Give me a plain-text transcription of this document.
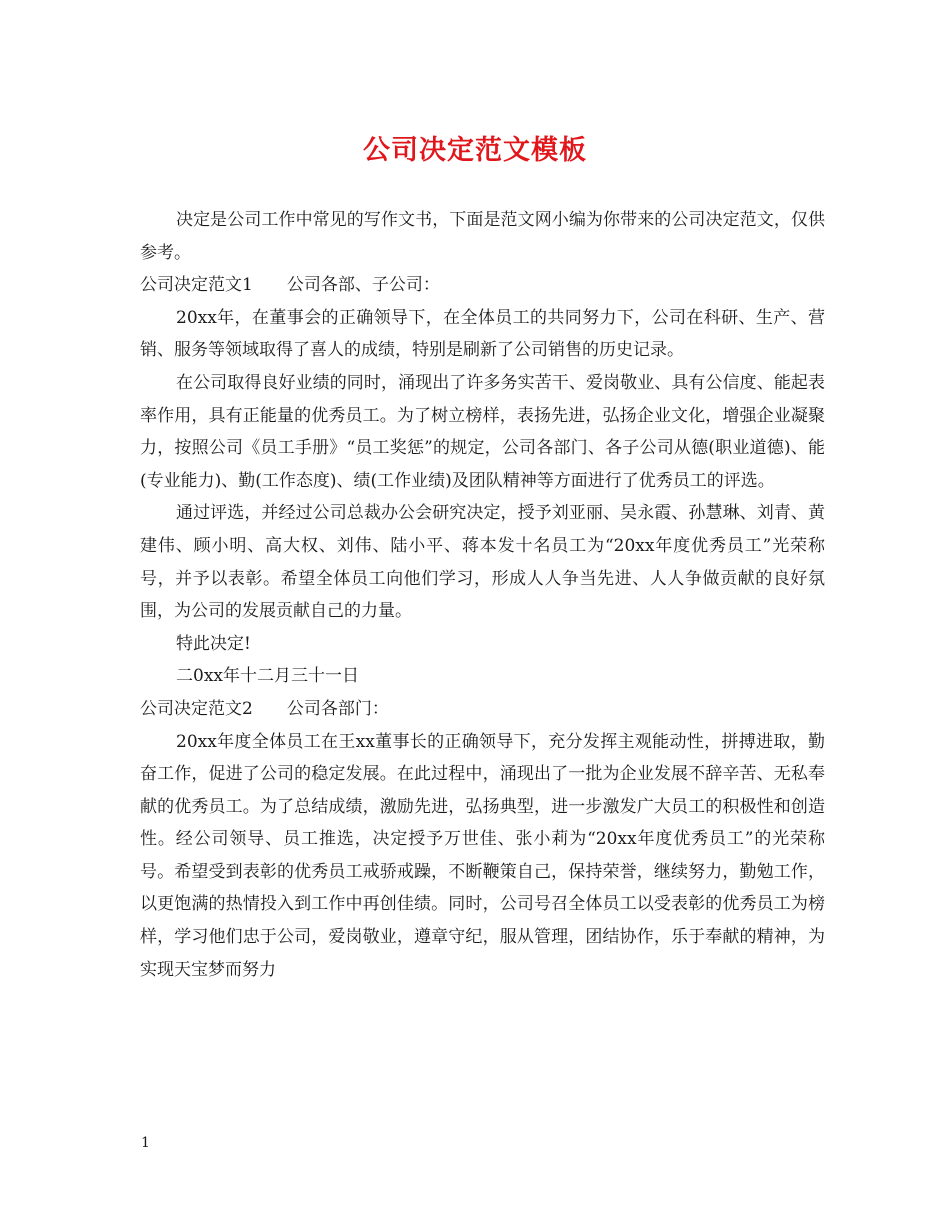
公司决定范文模板

决定是公司工作中常见的写作文书，下面是范文网小编为你带来的公司决定范文，仅供参考。

公司决定范文1　　公司各部、子公司：

20xx年，在董事会的正确领导下，在全体员工的共同努力下，公司在科研、生产、营销、服务等领域取得了喜人的成绩，特别是刷新了公司销售的历史记录。

在公司取得良好业绩的同时，涌现出了许多务实苦干、爱岗敬业、具有公信度、能起表率作用，具有正能量的优秀员工。为了树立榜样，表扬先进，弘扬企业文化，增强企业凝聚力，按照公司《员工手册》“员工奖惩”的规定，公司各部门、各子公司从德(职业道德)、能(专业能力)、勤(工作态度)、绩(工作业绩)及团队精神等方面进行了优秀员工的评选。

通过评选，并经过公司总裁办公会研究决定，授予刘亚丽、吴永霞、孙慧琳、刘青、黄建伟、顾小明、高大权、刘伟、陆小平、蒋本发十名员工为“20xx年度优秀员工”光荣称号，并予以表彰。希望全体员工向他们学习，形成人人争当先进、人人争做贡献的良好氛围，为公司的发展贡献自己的力量。

特此决定!

二0xx年十二月三十一日

公司决定范文2　　公司各部门：

20xx年度全体员工在王xx董事长的正确领导下，充分发挥主观能动性，拼搏进取，勤奋工作，促进了公司的稳定发展。在此过程中，涌现出了一批为企业发展不辞辛苦、无私奉献的优秀员工。为了总结成绩，激励先进，弘扬典型，进一步激发广大员工的积极性和创造性。经公司领导、员工推选，决定授予万世佳、张小莉为“20xx年度优秀员工”的光荣称号。希望受到表彰的优秀员工戒骄戒躁，不断鞭策自己，保持荣誉，继续努力，勤勉工作，以更饱满的热情投入到工作中再创佳绩。同时，公司号召全体员工以受表彰的优秀员工为榜样，学习他们忠于公司，爱岗敬业，遵章守纪，服从管理，团结协作，乐于奉献的精神，为实现天宝梦而努力

1
